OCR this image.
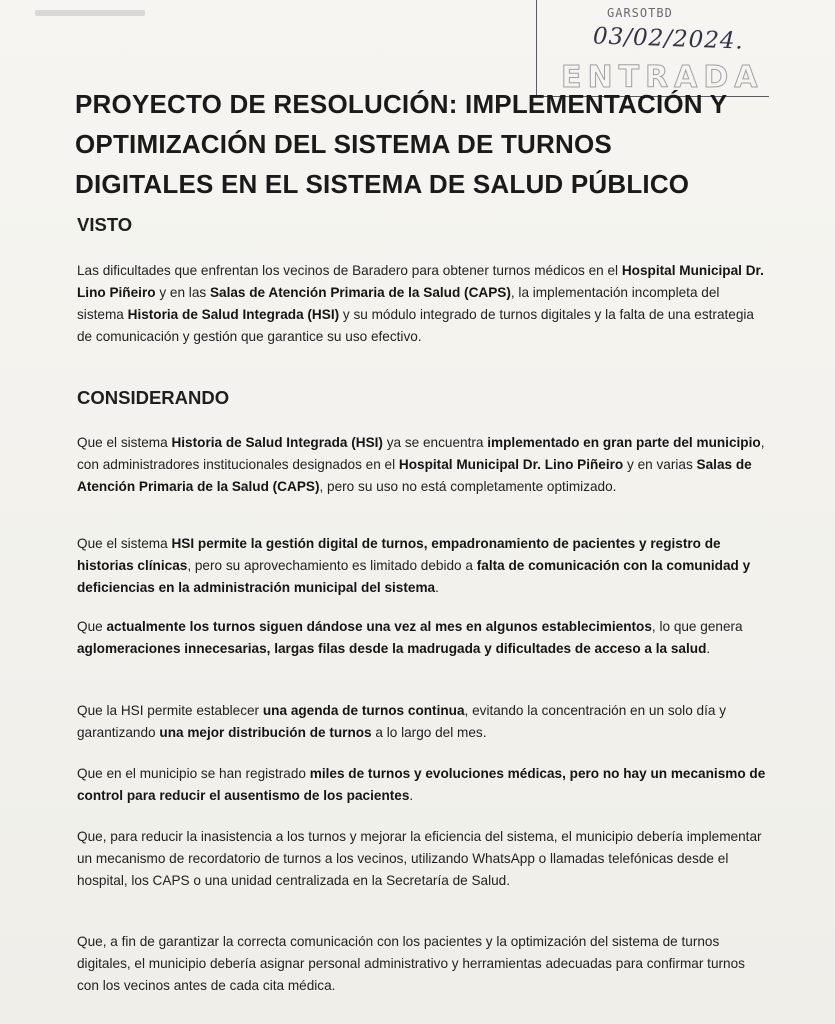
GARSOTBD
03/02/2024.
ENTRADA
PROYECTO DE RESOLUCIÓN: IMPLEMENTACIÓN Y OPTIMIZACIÓN DEL SISTEMA DE TURNOS DIGITALES EN EL SISTEMA DE SALUD PÚBLICO
VISTO

Las dificultades que enfrentan los vecinos de Baradero para obtener turnos médicos en el Hospital Municipal Dr. Lino Piñeiro y en las Salas de Atención Primaria de la Salud (CAPS), la implementación incompleta del sistema Historia de Salud Integrada (HSI) y su módulo integrado de turnos digitales y la falta de una estrategia de comunicación y gestión que garantice su uso efectivo.

CONSIDERANDO

Que el sistema Historia de Salud Integrada (HSI) ya se encuentra implementado en gran parte del municipio, con administradores institucionales designados en el Hospital Municipal Dr. Lino Piñeiro y en varias Salas de Atención Primaria de la Salud (CAPS), pero su uso no está completamente optimizado.

Que el sistema HSI permite la gestión digital de turnos, empadronamiento de pacientes y registro de historias clínicas, pero su aprovechamiento es limitado debido a falta de comunicación con la comunidad y deficiencias en la administración municipal del sistema.

Que actualmente los turnos siguen dándose una vez al mes en algunos establecimientos, lo que genera aglomeraciones innecesarias, largas filas desde la madrugada y dificultades de acceso a la salud.

Que la HSI permite establecer una agenda de turnos continua, evitando la concentración en un solo día y garantizando una mejor distribución de turnos a lo largo del mes.

Que en el municipio se han registrado miles de turnos y evoluciones médicas, pero no hay un mecanismo de control para reducir el ausentismo de los pacientes.

Que, para reducir la inasistencia a los turnos y mejorar la eficiencia del sistema, el municipio debería implementar un mecanismo de recordatorio de turnos a los vecinos, utilizando WhatsApp o llamadas telefónicas desde el hospital, los CAPS o una unidad centralizada en la Secretaría de Salud.

Que, a fin de garantizar la correcta comunicación con los pacientes y la optimización del sistema de turnos digitales, el municipio debería asignar personal administrativo y herramientas adecuadas para confirmar turnos con los vecinos antes de cada cita médica.
